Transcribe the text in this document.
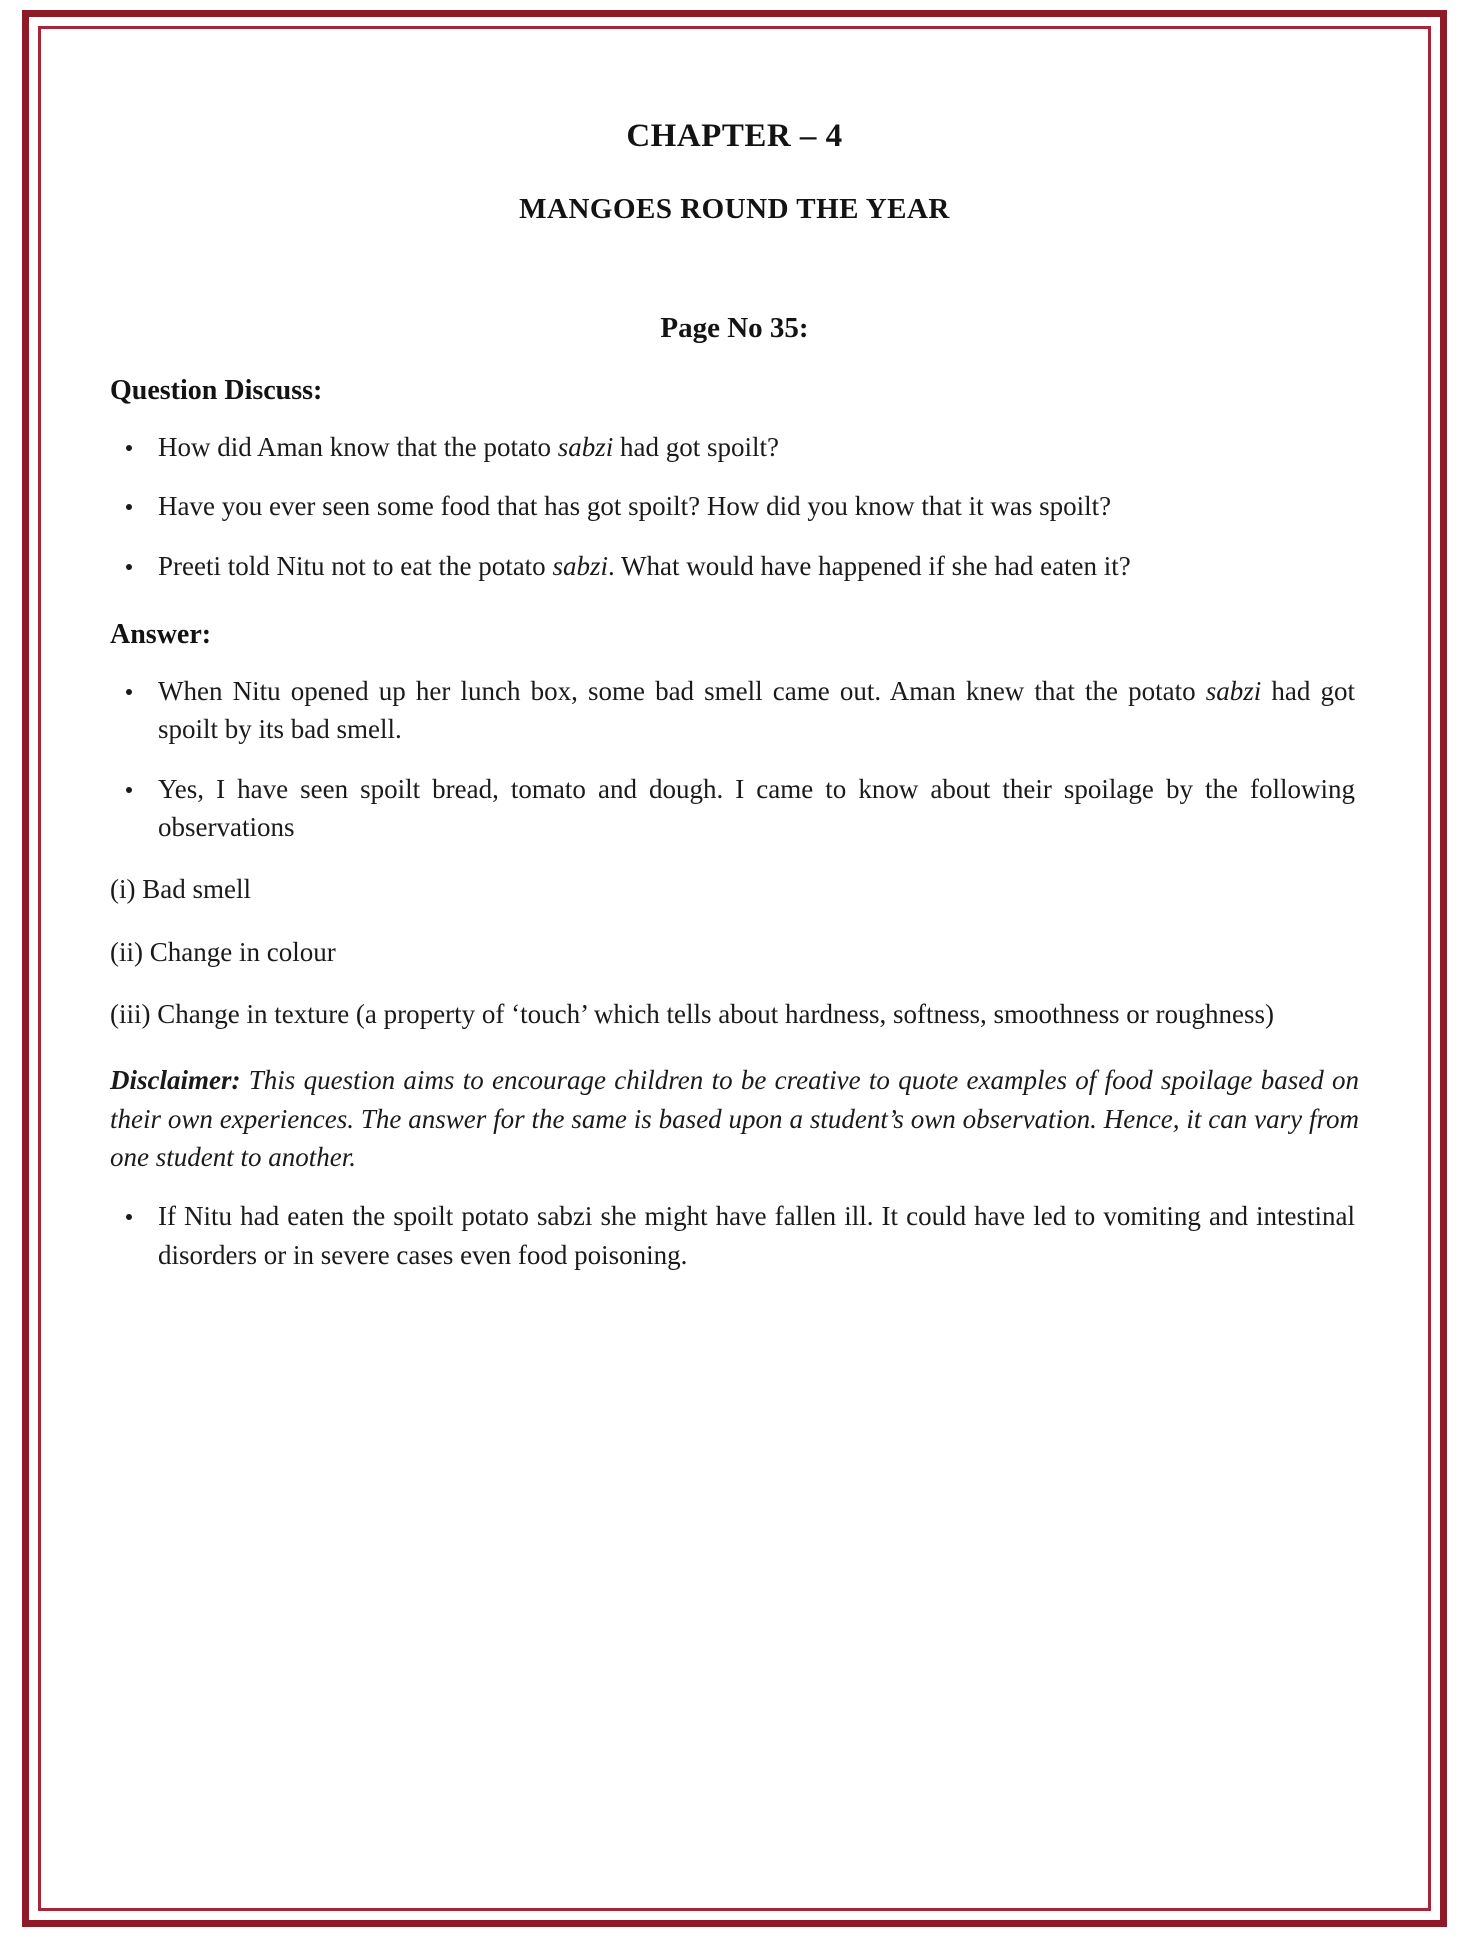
CHAPTER – 4
MANGOES ROUND THE YEAR
Page No 35:
Question Discuss:
How did Aman know that the potato sabzi had got spoilt?
Have you ever seen some food that has got spoilt? How did you know that it was spoilt?
Preeti told Nitu not to eat the potato sabzi. What would have happened if she had eaten it?
Answer:
When Nitu opened up her lunch box, some bad smell came out. Aman knew that the potato sabzi had got spoilt by its bad smell.
Yes, I have seen spoilt bread, tomato and dough. I came to know about their spoilage by the following observations
(i) Bad smell
(ii) Change in colour
(iii) Change in texture (a property of ‘touch’ which tells about hardness, softness, smoothness or roughness)
Disclaimer: This question aims to encourage children to be creative to quote examples of food spoilage based on their own experiences. The answer for the same is based upon a student’s own observation. Hence, it can vary from one student to another.
If Nitu had eaten the spoilt potato sabzi she might have fallen ill. It could have led to vomiting and intestinal disorders or in severe cases even food poisoning.
